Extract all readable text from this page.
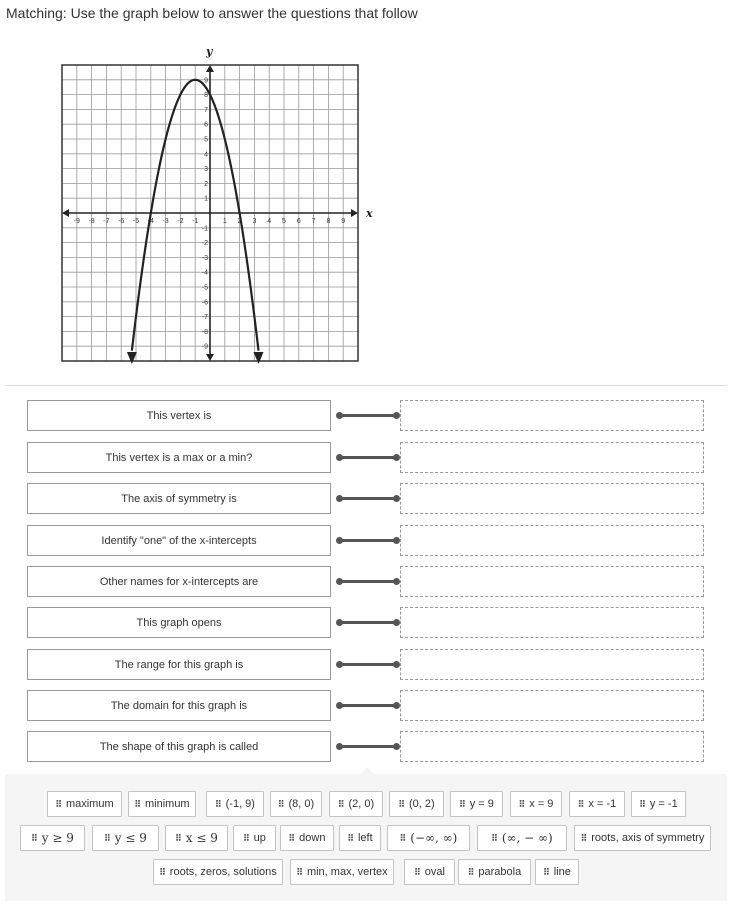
Matching: Use the graph below to answer the questions that follow
x
y
-9 -8 -7 -6 -5 -4 -3 -2 -1	1 2 3 4 5 6 7 8 9
9
8
7
6
5
4
3
2
1
-1
-2
-3
-4
-5
-6
-7
-8
-9
This vertex is
This vertex is a max or a min?
The axis of symmetry is
Identify "one" of the x-intercepts
Other names for x-intercepts are
This graph opens
The range for this graph is
The domain for this graph is
The shape of this graph is called
⠿ maximum ⠿ minimum	⠿ (-1, 9)	⠿ (8, 0)	⠿ (2, 0)	⠿ (0, 2)	⠿ y = 9	⠿ x = 9	⠿ x = -1	⠿ y = -1
⠿ y ≥ 9	⠿ y ≤ 9	⠿ x ≤ 9	⠿ up	⠿ down ⠿ left	⠿ (−∞, ∞)	⠿ (∞, − ∞)	⠿ roots, axis of symmetry
⠿ roots, zeros, solutions ⠿ min, max, vertex	⠿ oval	⠿ parabola ⠿ line
